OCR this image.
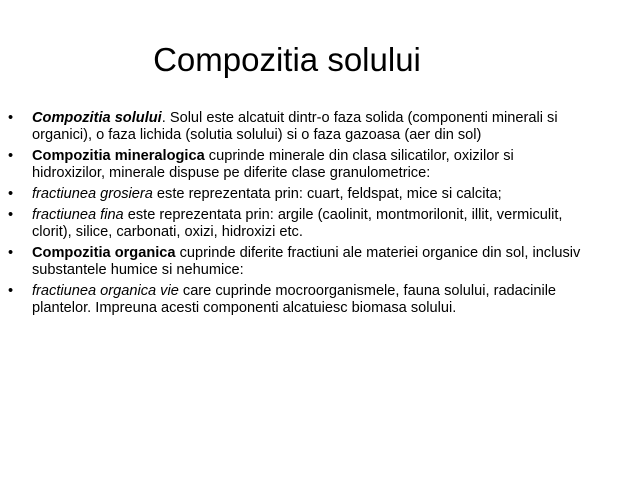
Compozitia solului
•	Compozitia solului. Solul este alcatuit dintr-o faza solida (componenti minerali si organici), o faza lichida (solutia solului) si o faza gazoasa (aer din sol)
•	Compozitia mineralogica cuprinde minerale din clasa silicatilor, oxizilor si hidroxizilor, minerale dispuse pe diferite clase granulometrice:
•	fractiunea grosiera este reprezentata prin: cuart, feldspat, mice si calcita;
•	fractiunea fina este reprezentata prin: argile (caolinit, montmorilonit, illit, vermiculit, clorit), silice, carbonati, oxizi, hidroxizi etc.
•	Compozitia organica cuprinde diferite fractiuni ale materiei organice din sol, inclusiv substantele humice si nehumice:
•	fractiunea organica vie care cuprinde mocroorganismele, fauna solului, radacinile plantelor. Impreuna acesti componenti alcatuiesc biomasa solului.
